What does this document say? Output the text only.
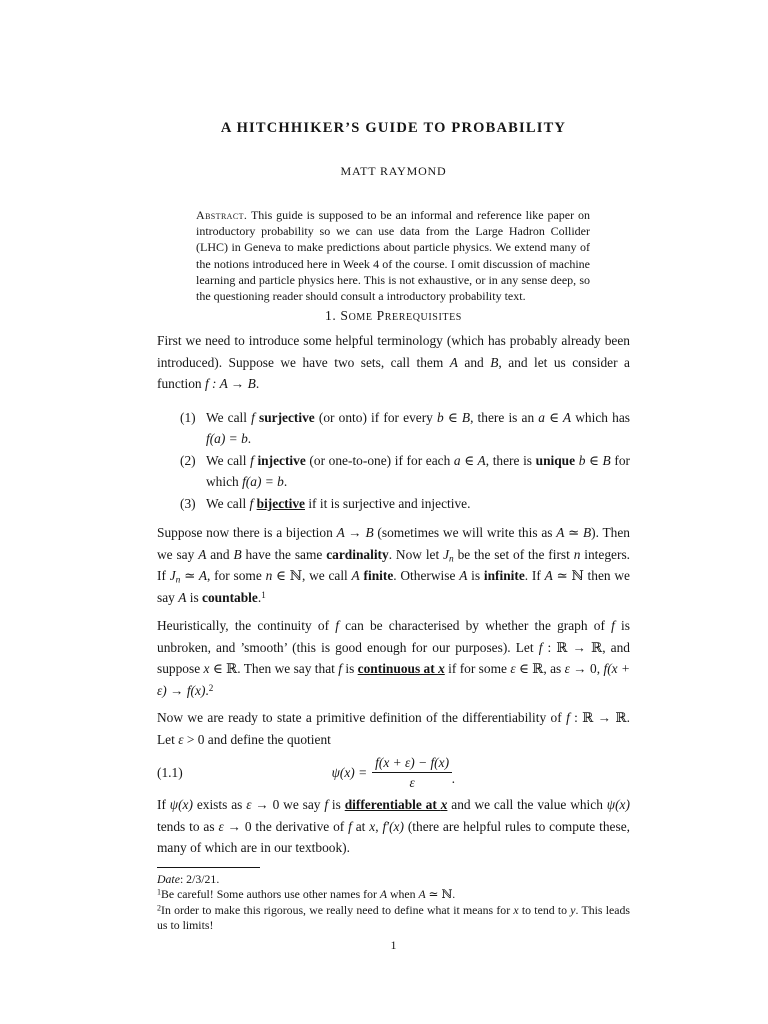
A HITCHHIKER’S GUIDE TO PROBABILITY
MATT RAYMOND

Abstract. This guide is supposed to be an informal and reference like paper on introductory probability so we can use data from the Large Hadron Collider (LHC) in Geneva to make predictions about particle physics. We extend many of the notions introduced here in Week 4 of the course. I omit discussion of machine learning and particle physics here. This is not exhaustive, or in any sense deep, so the questioning reader should consult a introductory probability text.

1. Some Prerequisites

First we need to introduce some helpful terminology (which has probably already been introduced). Suppose we have two sets, call them A and B, and let us consider a function f : A → B.

(1) We call f surjective (or onto) if for every b ∈ B, there is an a ∈ A which has f(a) = b.
(2) We call f injective (or one-to-one) if for each a ∈ A, there is unique b ∈ B for which f(a) = b.
(3) We call f bijective if it is surjective and injective.

Suppose now there is a bijection A → B (sometimes we will write this as A ≃ B). Then we say A and B have the same cardinality. Now let Jn be the set of the first n integers. If Jn ≃ A, for some n ∈ ℕ, we call A finite. Otherwise A is infinite. If A ≃ ℕ then we say A is countable.$^1$

Heuristically, the continuity of f can be characterised by whether the graph of f is unbroken, and ’smooth’ (this is good enough for our purposes). Let f : ℝ → ℝ, and suppose x ∈ ℝ. Then we say that f is continuous at x if for some ε ∈ ℝ, as ε → 0, f(x + ε) → f(x).$^2$

Now we are ready to state a primitive definition of the differentiability of f : ℝ → ℝ. Let ε > 0 and define the quotient

(1.1)	$\psi(x) = \frac{f(x + \varepsilon) - f(x)}{\varepsilon}$ .

If ψ(x) exists as ε → 0 we say f is differentiable at x and we call the value which ψ(x) tends to as ε → 0 the derivative of f at x, f′(x) (there are helpful rules to compute these, many of which are in our textbook).

Date: 2/3/21.

$^1$Be careful! Some authors use other names for A when A ≃ ℕ.

$^2$In order to make this rigorous, we really need to define what it means for x to tend to y. This leads us to limits!

1
